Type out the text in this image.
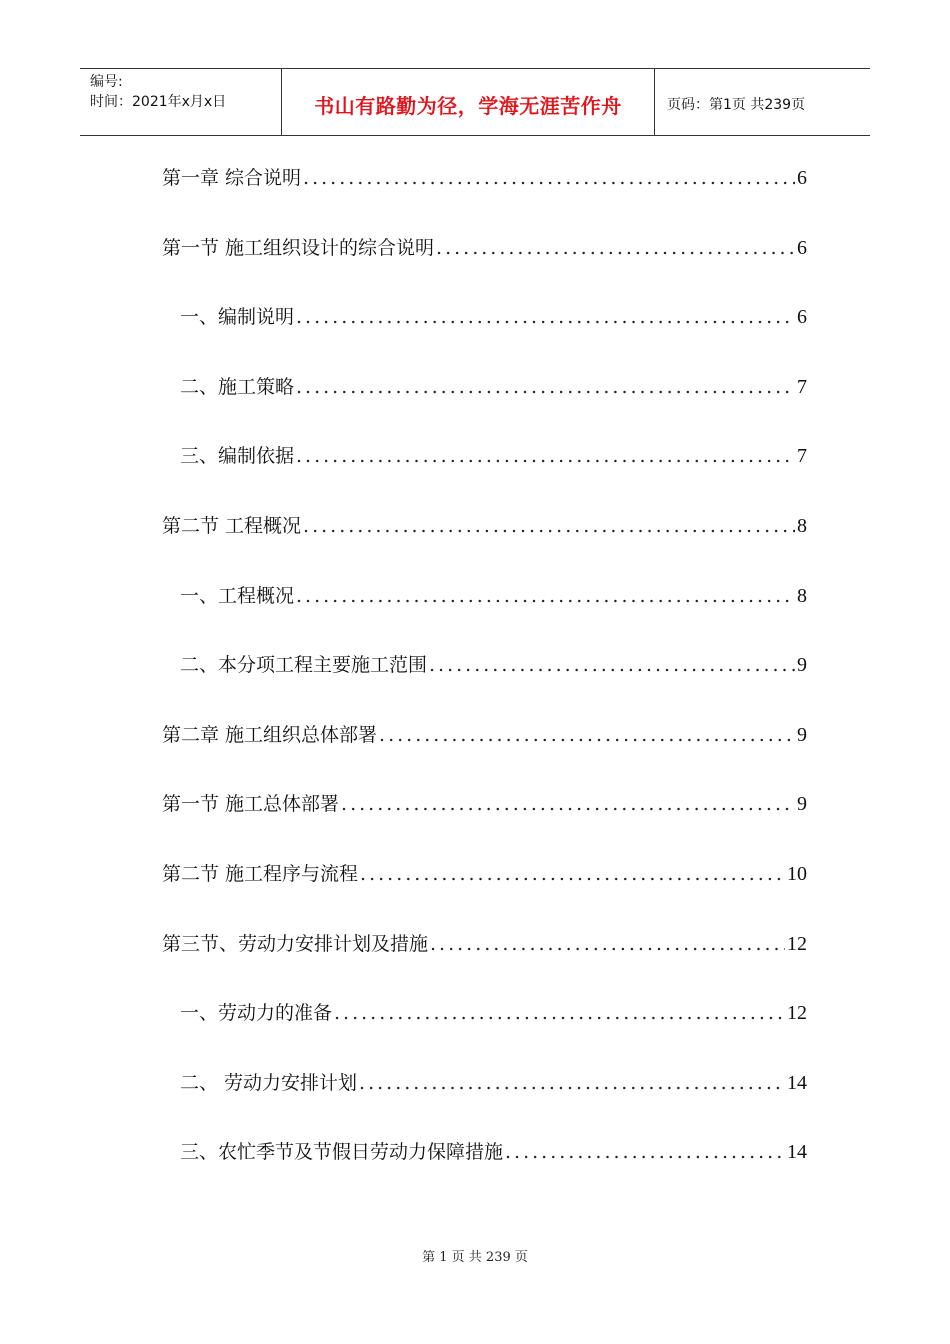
编号:
时间：2021年x月x日	书山有路勤为径，学海无涯苦作舟	页码：第1页 共239页
第一章 综合说明 .....	6
第一节 施工组织设计的综合说明 .....	6
一、编制说明 .....	6
二、施工策略 .....	7
三、编制依据 .....	7
第二节 工程概况 .....	8
一、工程概况 .....	8
二、本分项工程主要施工范围 .....	9
第二章 施工组织总体部署 .....	9
第一节 施工总体部署 .....	9
第二节 施工程序与流程 .....	10
第三节、劳动力安排计划及措施 .....	12
一、劳动力的准备 .....	12
二、 劳动力安排计划 .....	14
三、农忙季节及节假日劳动力保障措施 .....	14
第 1 页 共 239 页
